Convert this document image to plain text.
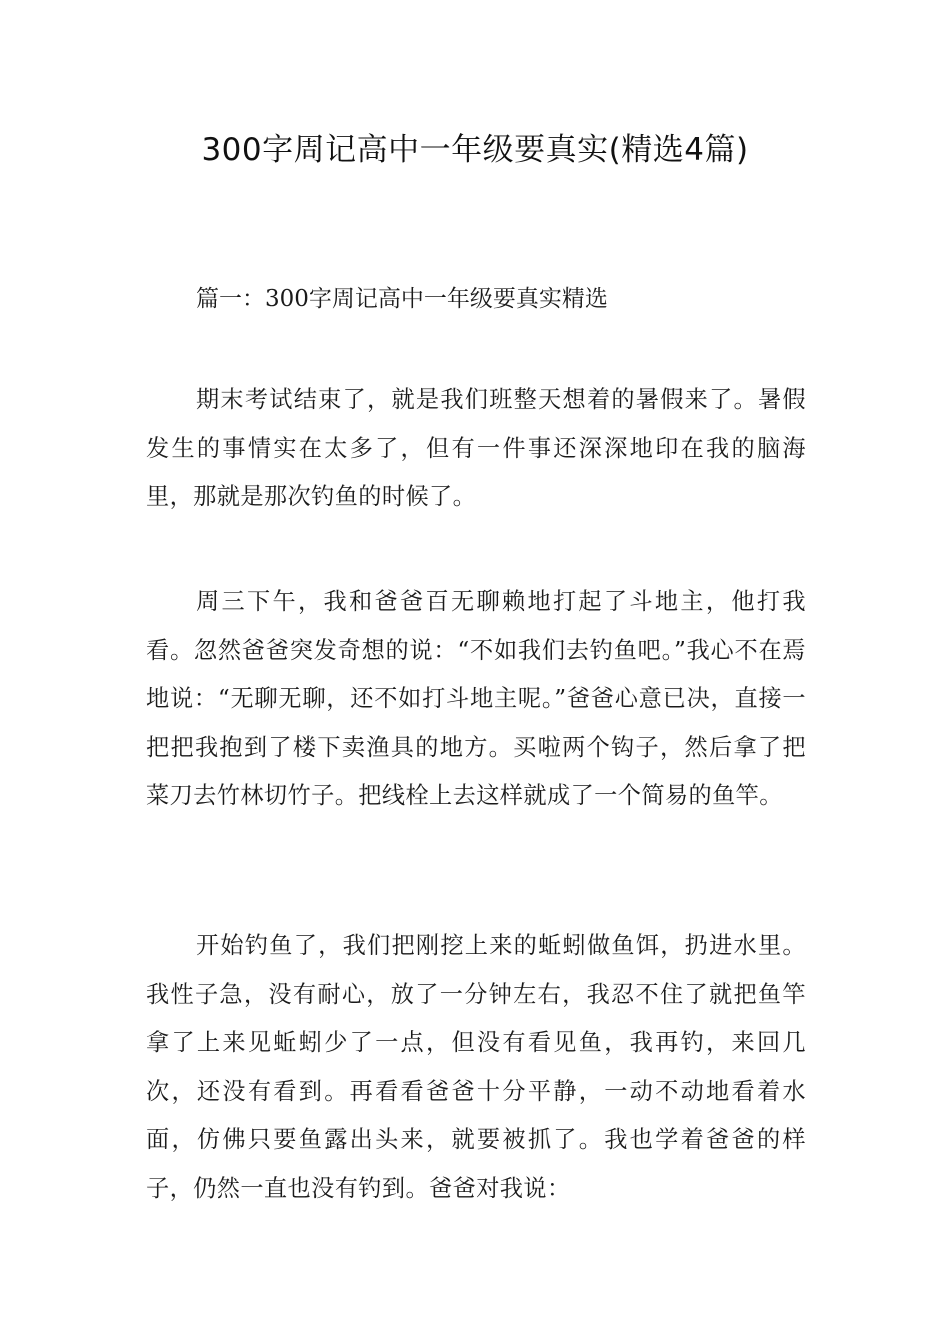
300字周记高中一年级要真实(精选4篇)
篇一：300字周记高中一年级要真实精选

期末考试结束了，就是我们班整天想着的暑假来了。暑假发生的事情实在太多了，但有一件事还深深地印在我的脑海里，那就是那次钓鱼的时候了。

周三下午，我和爸爸百无聊赖地打起了斗地主，他打我看。忽然爸爸突发奇想的说：“不如我们去钓鱼吧。”我心不在焉地说：“无聊无聊，还不如打斗地主呢。”爸爸心意已决，直接一把把我抱到了楼下卖渔具的地方。买啦两个钩子，然后拿了把菜刀去竹林切竹子。把线栓上去这样就成了一个简易的鱼竿。

开始钓鱼了，我们把刚挖上来的蚯蚓做鱼饵，扔进水里。我性子急，没有耐心，放了一分钟左右，我忍不住了就把鱼竿拿了上来见蚯蚓少了一点，但没有看见鱼，我再钓，来回几次，还没有看到。再看看爸爸十分平静，一动不动地看着水面，仿佛只要鱼露出头来，就要被抓了。我也学着爸爸的样子，仍然一直也没有钓到。爸爸对我说：
